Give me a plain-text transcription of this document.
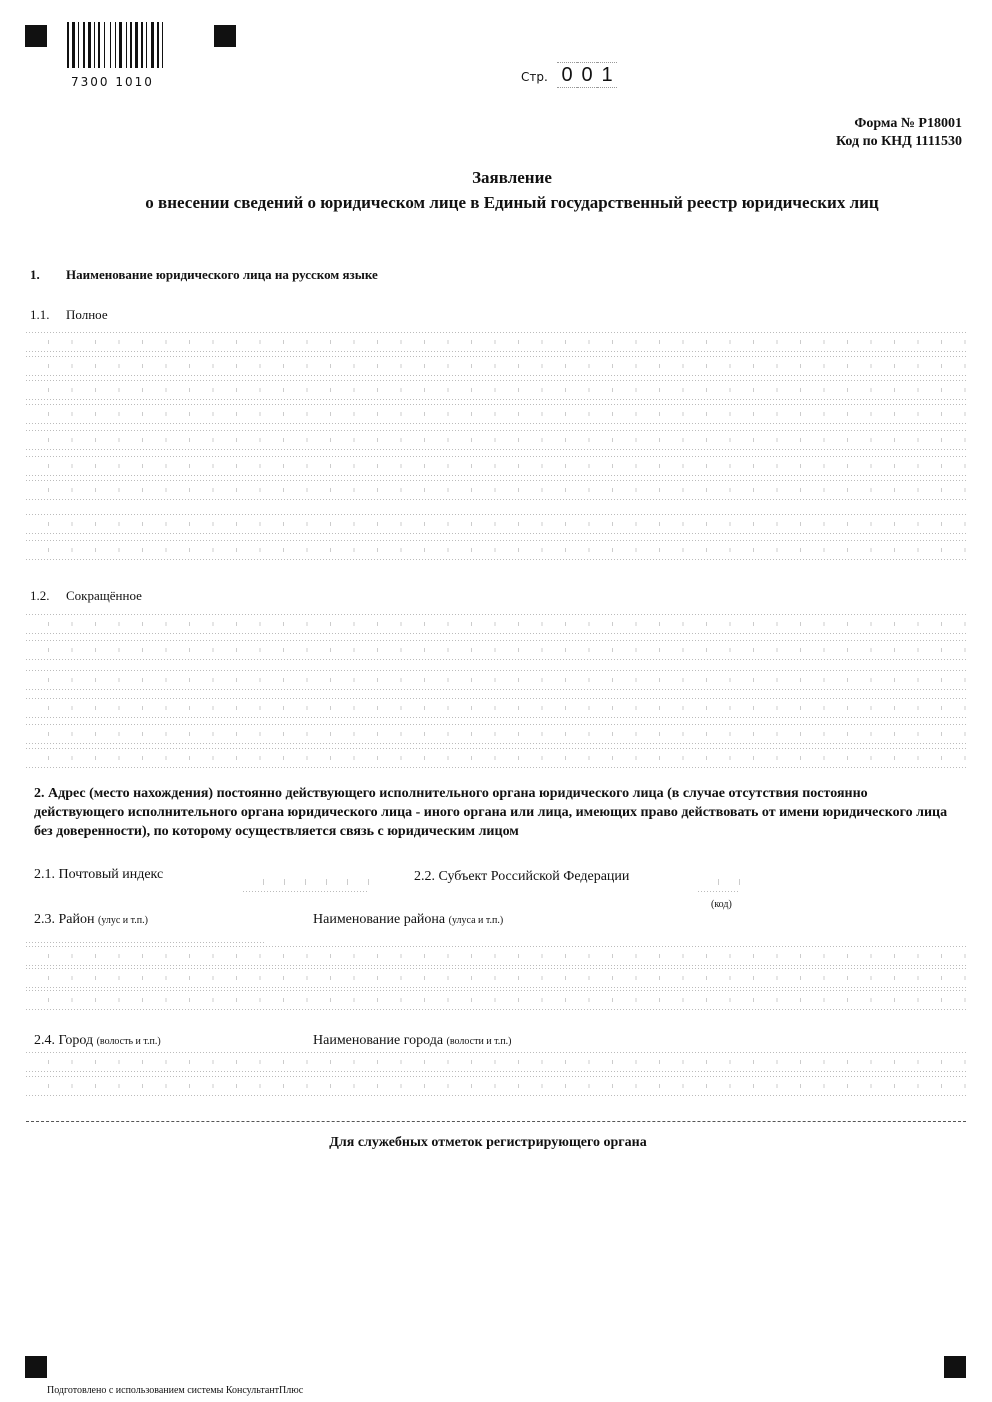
7300 1010	Стр. 0 0 1
Форма № Р18001
Код по КНД 1111530
Заявление
о внесении сведений о юридическом лице в Единый государственный реестр юридических лиц
1. Наименование юридического лица на русском языке
1.1. Полное
1.2. Сокращённое
2. Адрес (место нахождения) постоянно действующего исполнительного органа юридического лица (в случае отсутствия постоянно действующего исполнительного органа юридического лица - иного органа или лица, имеющих право действовать от имени юридического лица без доверенности), по которому осуществляется связь с юридическим лицом
2.1. Почтовый индекс	2.2. Субъект Российской Федерации
(код)
2.3. Район (улус и т.п.)	Наименование района (улуса и т.п.)
2.4. Город (волость и т.п.)	Наименование города (волости и т.п.)
Для служебных отметок регистрирующего органа
Подготовлено с использованием системы КонсультантПлюс
